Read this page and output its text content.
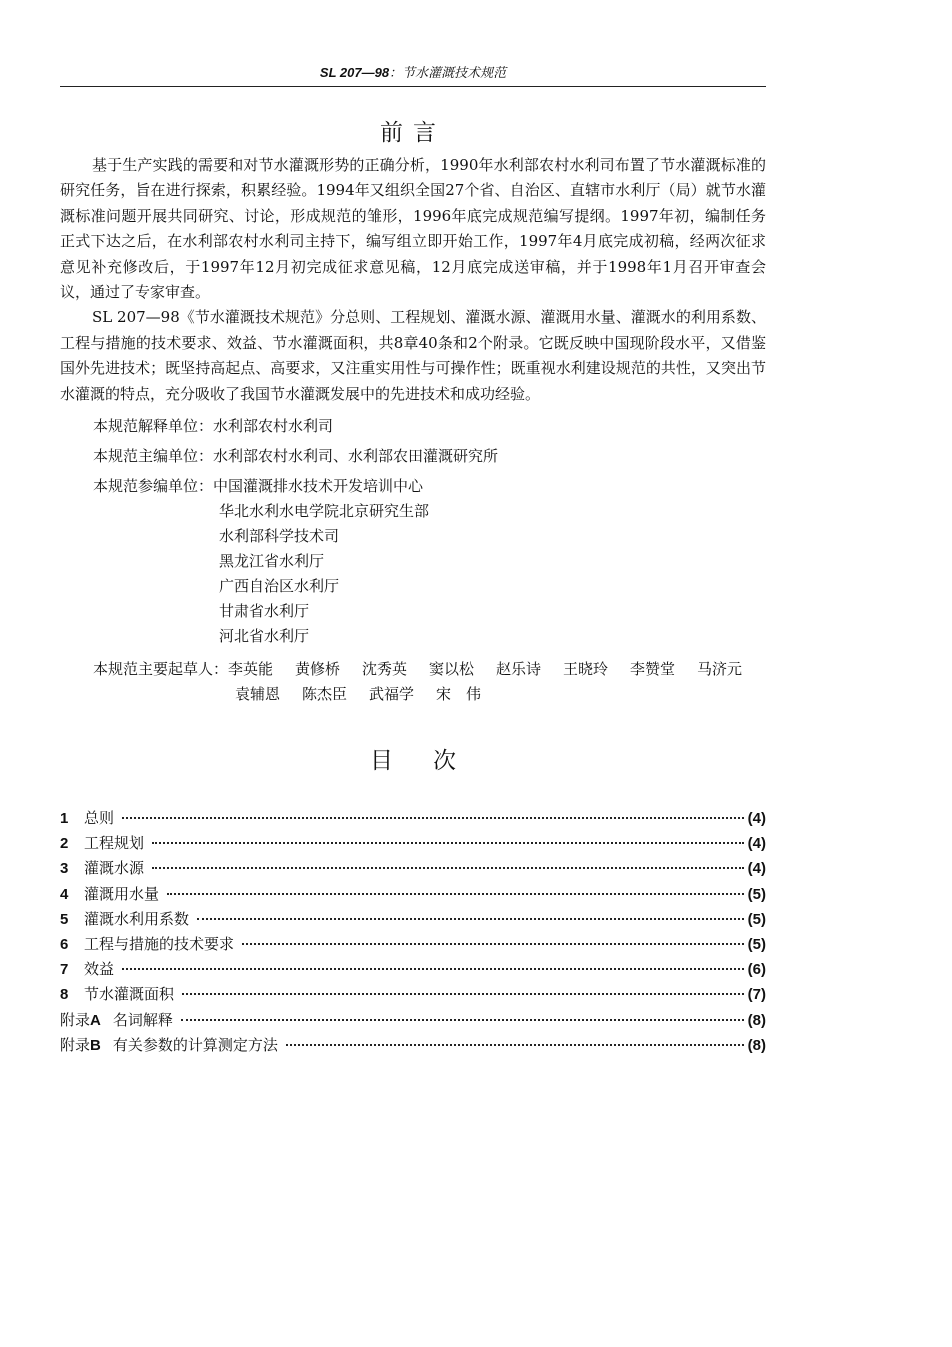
SL 207—98：节水灌溉技术规范
前言

基于生产实践的需要和对节水灌溉形势的正确分析，1990年水利部农村水利司布置了节水灌溉标准的研究任务，旨在进行探索，积累经验。1994年又组织全国27个省、自治区、直辖市水利厅（局）就节水灌溉标准问题开展共同研究、讨论，形成规范的雏形，1996年底完成规范编写提纲。1997年初，编制任务正式下达之后，在水利部农村水利司主持下，编写组立即开始工作，1997年4月底完成初稿，经两次征求意见补充修改后，于1997年12月初完成征求意见稿，12月底完成送审稿，并于1998年1月召开审查会议，通过了专家审查。

SL 207—98《节水灌溉技术规范》分总则、工程规划、灌溉水源、灌溉用水量、灌溉水的利用系数、工程与措施的技术要求、效益、节水灌溉面积，共8章40条和2个附录。它既反映中国现阶段水平，又借鉴国外先进技术；既坚持高起点、高要求，又注重实用性与可操作性；既重视水利建设规范的共性，又突出节水灌溉的特点，充分吸收了我国节水灌溉发展中的先进技术和成功经验。

本规范解释单位：水利部农村水利司
本规范主编单位：水利部农村水利司、水利部农田灌溉研究所
本规范参编单位：中国灌溉排水技术开发培训中心
华北水利水电学院北京研究生部
水利部科学技术司
黑龙江省水利厅
广西自治区水利厅
甘肃省水利厅
河北省水利厅
本规范主要起草人：李英能 黄修桥 沈秀英 窦以松 赵乐诗 王晓玲 李赞堂 马济元
袁辅恩 陈杰臣 武福学 宋　伟
目次
1	总则	(4)
2	工程规划	(4)
3	灌溉水源	(4)
4	灌溉用水量	(5)
5	灌溉水利用系数	(5)
6	工程与措施的技术要求	(5)
7	效益	(6)
8	节水灌溉面积	(7)
附录A 名词解释	(8)
附录B 有关参数的计算测定方法	(8)
